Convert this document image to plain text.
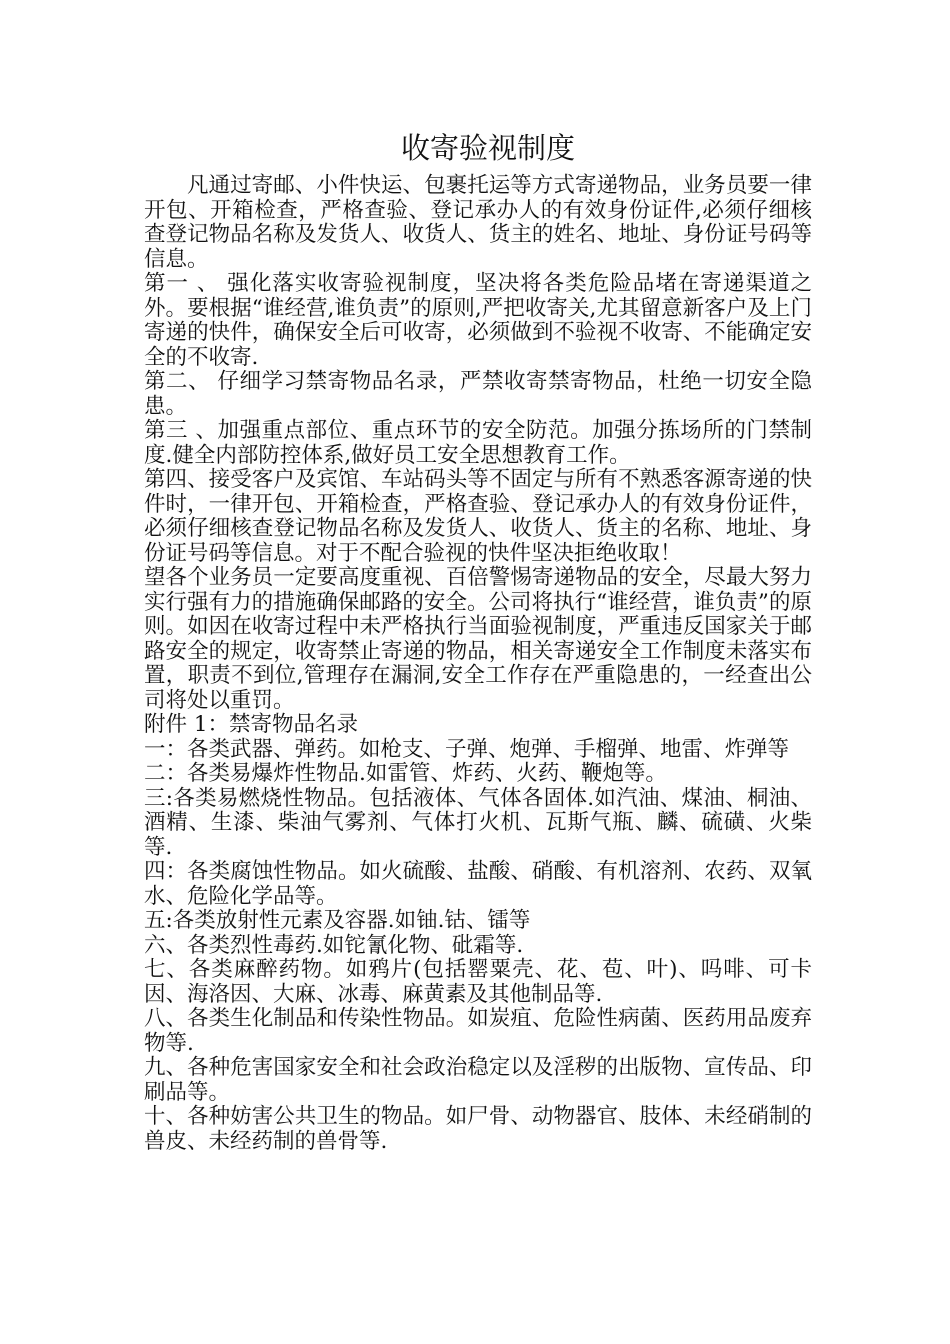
收寄验视制度

凡通过寄邮、小件快运、包裹托运等方式寄递物品，业务员要一律开包、开箱检查，严格查验、登记承办人的有效身份证件,必须仔细核查登记物品名称及发货人、收货人、货主的姓名、地址、身份证号码等信息。

第一 、 强化落实收寄验视制度，坚决将各类危险品堵在寄递渠道之外。要根据“谁经营,谁负责”的原则,严把收寄关,尤其留意新客户及上门寄递的快件，确保安全后可收寄，必须做到不验视不收寄、不能确定安全的不收寄.

第二、 仔细学习禁寄物品名录，严禁收寄禁寄物品，杜绝一切安全隐患。

第三 、加强重点部位、重点环节的安全防范。加强分拣场所的门禁制度.健全内部防控体系,做好员工安全思想教育工作。

第四、接受客户及宾馆、车站码头等不固定与所有不熟悉客源寄递的快件时，一律开包、开箱检查，严格查验、登记承办人的有效身份证件，必须仔细核查登记物品名称及发货人、收货人、货主的名称、地址、身份证号码等信息。对于不配合验视的快件坚决拒绝收取！

望各个业务员一定要高度重视、百倍警惕寄递物品的安全，尽最大努力实行强有力的措施确保邮路的安全。公司将执行“谁经营，谁负责”的原则。如因在收寄过程中未严格执行当面验视制度，严重违反国家关于邮路安全的规定，收寄禁止寄递的物品，相关寄递安全工作制度未落实布置，职责不到位,管理存在漏洞,安全工作存在严重隐患的，一经查出公司将处以重罚。

附件 1：禁寄物品名录

一：各类武器、弹药。如枪支、子弹、炮弹、手榴弹、地雷、炸弹等

二：各类易爆炸性物品.如雷管、炸药、火药、鞭炮等。

三:各类易燃烧性物品。包括液体、气体各固体.如汽油、煤油、桐油、酒精、生漆、柴油气雾剂、气体打火机、瓦斯气瓶、麟、硫磺、火柴等.

四：各类腐蚀性物品。如火硫酸、盐酸、硝酸、有机溶剂、农药、双氧水、危险化学品等。

五:各类放射性元素及容器.如铀.钴、镭等

六、各类烈性毒药.如铊氰化物、砒霜等.

七、各类麻醉药物。如鸦片(包括罂粟壳、花、苞、叶)、吗啡、可卡因、海洛因、大麻、冰毒、麻黄素及其他制品等.

八、各类生化制品和传染性物品。如炭疽、危险性病菌、医药用品废弃物等.

九、各种危害国家安全和社会政治稳定以及淫秽的出版物、宣传品、印刷品等。

十、各种妨害公共卫生的物品。如尸骨、动物器官、肢体、未经硝制的兽皮、未经药制的兽骨等.
